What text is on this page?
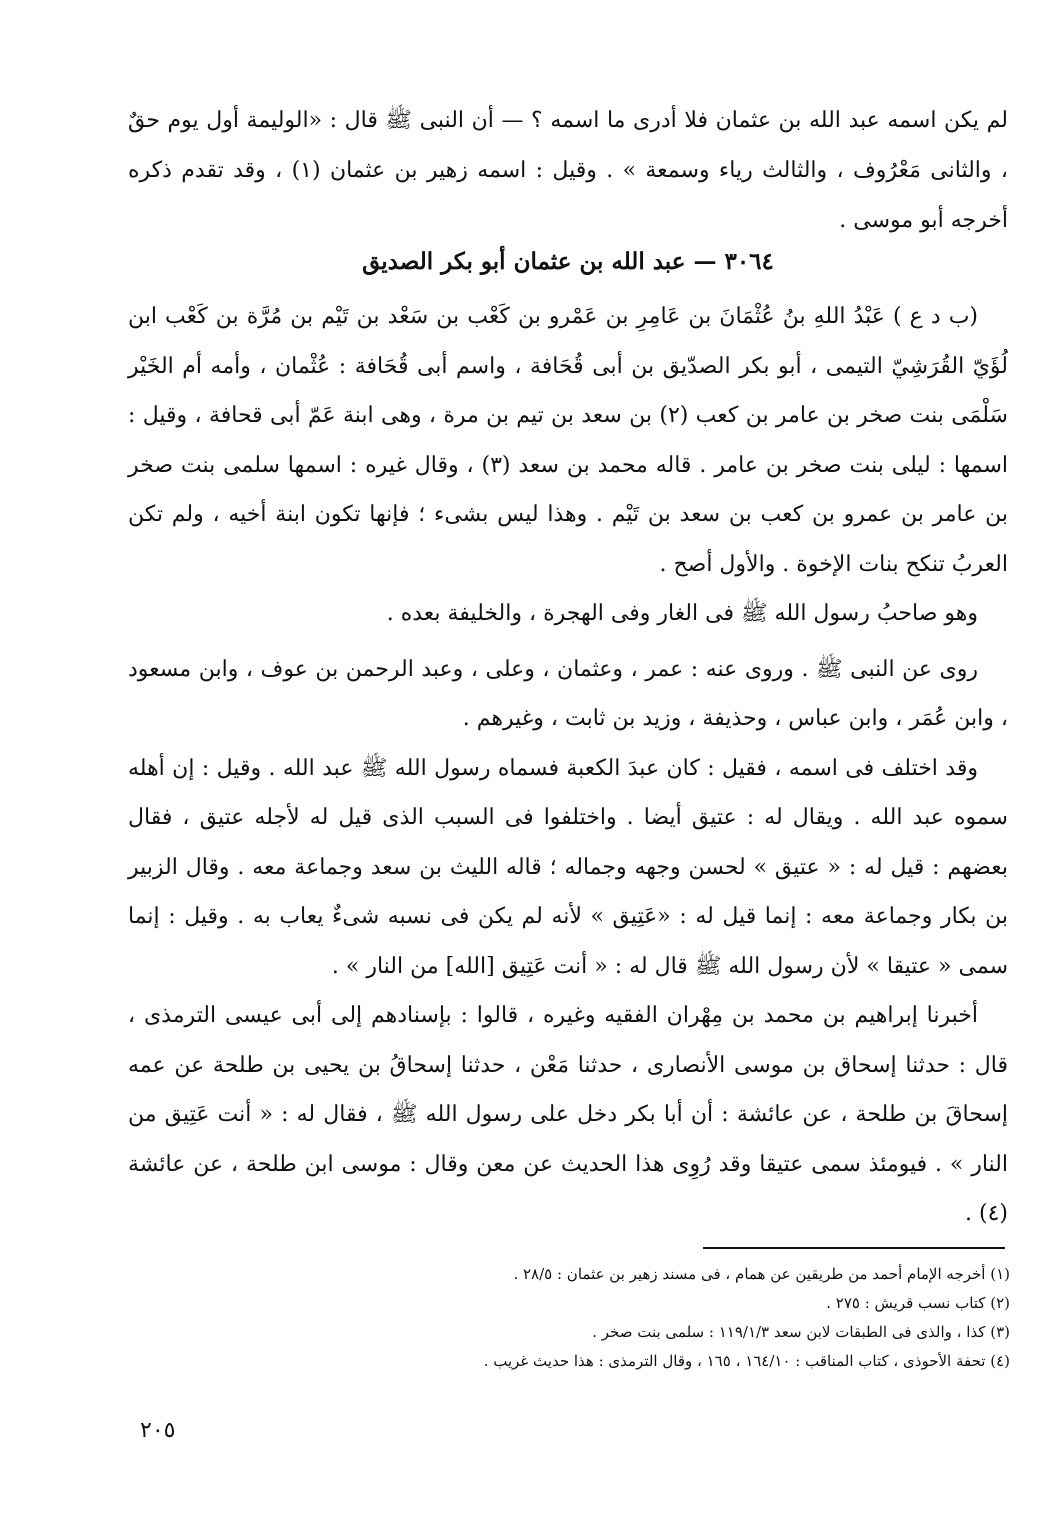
لم يكن اسمه عبد الله بن عثمان فلا أدرى ما اسمه ؟ — أن النبى ﷺ قال : «الوليمة أول يوم حقٌ ، والثانى مَعْرُوف ، والثالث رياء وسمعة » . وقيل : اسمه زهير بن عثمان (١) ، وقد تقدم ذكره أخرجه أبو موسى .

٣٠٦٤ — عبد الله بن عثمان أبو بكر الصديق

(ب د ع ) عَبْدُ اللهِ بنُ عُثْمَانَ بن عَامِرِ بن عَمْرو بن كَعْب بن سَعْد بن تَيْم بن مُرَّة بن كَعْب ابن لُؤَيّ القُرَشِيّ التيمى ، أبو بكر الصدّيق بن أبى قُحَافة ، واسم أبى قُحَافة : عُثْمان ، وأمه أم الخَيْر سَلْمَى بنت صخر بن عامر بن كعب (٢) بن سعد بن تيم بن مرة ، وهى ابنة عَمّ أبى قحافة ، وقيل : اسمها : ليلى بنت صخر بن عامر . قاله محمد بن سعد (٣) ، وقال غيره : اسمها سلمى بنت صخر بن عامر بن عمرو بن كعب بن سعد بن تَيْم . وهذا ليس بشىء ؛ فإنها تكون ابنة أخيه ، ولم تكن العربُ تنكح بنات الإخوة . والأول أصح .

وهو صاحبُ رسول الله ﷺ فى الغار وفى الهجرة ، والخليفة بعده .

روى عن النبى ﷺ . وروى عنه : عمر ، وعثمان ، وعلى ، وعبد الرحمن بن عوف ، وابن مسعود ، وابن عُمَر ، وابن عباس ، وحذيفة ، وزيد بن ثابت ، وغيرهم .

وقد اختلف فى اسمه ، فقيل : كان عبدَ الكعبة فسماه رسول الله ﷺ عبد الله . وقيل : إن أهله سموه عبد الله . ويقال له : عتيق أيضا . واختلفوا فى السبب الذى قيل له لأجله عتيق ، فقال بعضهم : قيل له : « عتيق » لحسن وجهه وجماله ؛ قاله الليث بن سعد وجماعة معه . وقال الزبير بن بكار وجماعة معه : إنما قيل له : «عَتِيق » لأنه لم يكن فى نسبه شىءٌ يعاب به . وقيل : إنما سمى « عتيقا » لأن رسول الله ﷺ قال له : « أنت عَتِيق [الله] من النار » .

أخبرنا إبراهيم بن محمد بن مِهْران الفقيه وغيره ، قالوا : بإسنادهم إلى أبى عيسى الترمذى ، قال : حدثنا إسحاق بن موسى الأنصارى ، حدثنا مَعْن ، حدثنا إسحاقُ بن يحيى بن طلحة عن عمه إسحاقَ بن طلحة ، عن عائشة : أن أبا بكر دخل على رسول الله ﷺ ، فقال له : « أنت عَتِيق من النار » . فيومئذ سمى عتيقا وقد رُوِى هذا الحديث عن معن وقال : موسى ابن طلحة ، عن عائشة (٤) .

(١) أخرجه الإمام أحمد من طريقين عن همام ، فى مسند زهير بن عثمان : ٢٨/٥ .

(٢) كتاب نسب قريش : ٢٧٥ .

(٣) كذا ، والذى فى الطبقات لابن سعد ١١٩/١/٣ : سلمى بنت صخر .

(٤) تحفة الأحوذى ، كتاب المناقب : ١٦٤/١٠ ، ١٦٥ ، وقال الترمذى : هذا حديث غريب .

٢٠٥
